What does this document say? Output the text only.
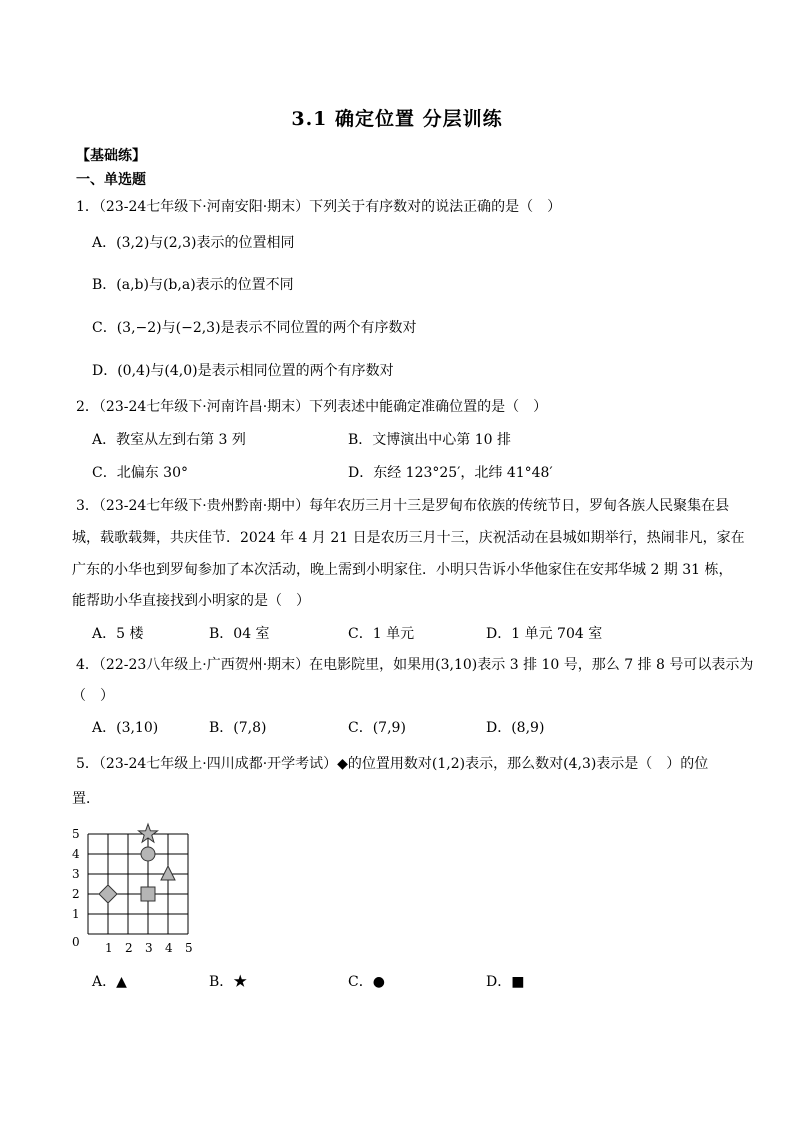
3.1 确定位置 分层训练
【基础练】
一、单选题
1．（23-24七年级下·河南安阳·期末）下列关于有序数对的说法正确的是（　）
A．(3,2)与(2,3)表示的位置相同
B．(a,b)与(b,a)表示的位置不同
C．(3,−2)与(−2,3)是表示不同位置的两个有序数对
D．(0,4)与(4,0)是表示相同位置的两个有序数对
2．（23-24七年级下·河南许昌·期末）下列表述中能确定准确位置的是（　）
A．教室从左到右第 3 列	B．文博演出中心第 10 排
C．北偏东 30°	D．东经 123°25′，北纬 41°48′
3．（23-24七年级下·贵州黔南·期中）每年农历三月十三是罗甸布依族的传统节日，罗甸各族人民聚集在县
城，载歌载舞，共庆佳节．2024 年 4 月 21 日是农历三月十三，庆祝活动在县城如期举行，热闹非凡，家在
广东的小华也到罗甸参加了本次活动，晚上需到小明家住．小明只告诉小华他家住在安邦华城 2 期 31 栋，
能帮助小华直接找到小明家的是（　）
A．5 楼	B．04 室	C．1 单元	D．1 单元 704 室
4．（22-23八年级上·广西贺州·期末）在电影院里，如果用(3,10)表示 3 排 10 号，那么 7 排 8 号可以表示为
（　）
A．(3,10)	B．(7,8)	C．(7,9)	D．(8,9)
5．（23-24七年级上·四川成都·开学考试）◆的位置用数对(1,2)表示，那么数对(4,3)表示是（　）的位
置．
1 2 3 4 5
0
1
2
3
4
5
A．▲	B．★	C．●	D．■
